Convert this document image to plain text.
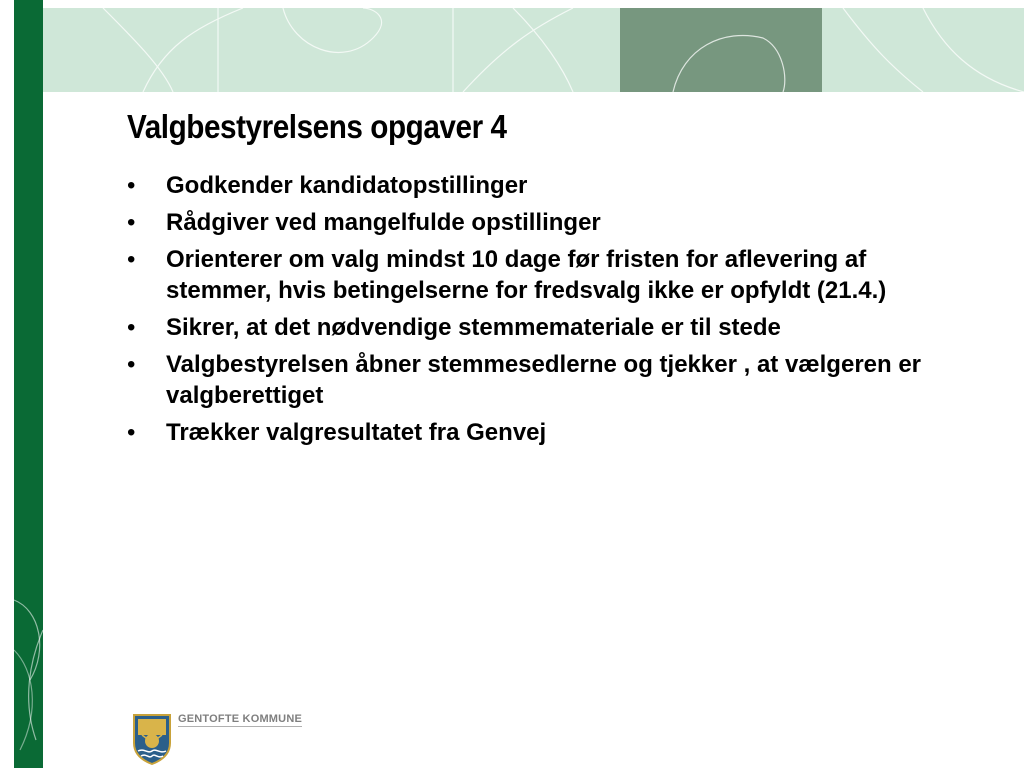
Valgbestyrelsens opgaver 4
• Godkender kandidatopstillinger
• Rådgiver ved mangelfulde opstillinger
• Orienterer om valg mindst 10 dage før fristen for aflevering af stemmer, hvis betingelserne for fredsvalg ikke er opfyldt (21.4.)
• Sikrer, at det nødvendige stemmemateriale er til stede
• Valgbestyrelsen åbner stemmesedlerne og tjekker , at vælgeren er valgberettiget
• Trækker valgresultatet fra Genvej
GENTOFTE KOMMUNE
